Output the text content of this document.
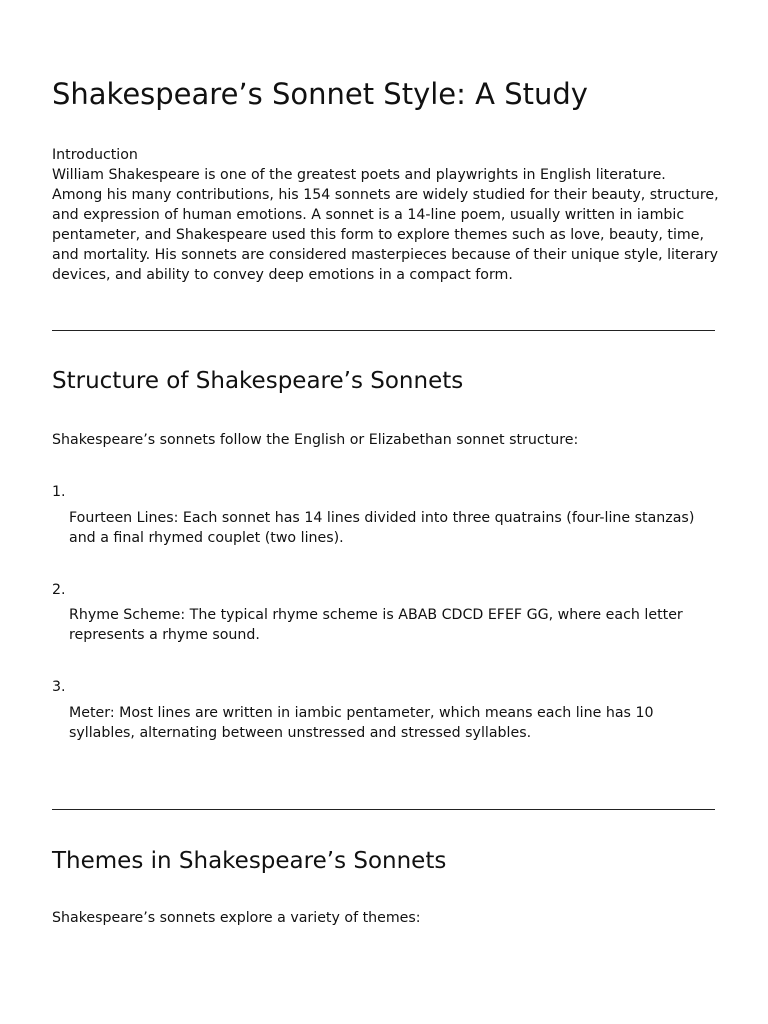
Shakespeare’s Sonnet Style: A Study

Introduction
William Shakespeare is one of the greatest poets and playwrights in English literature. Among his many contributions, his 154 sonnets are widely studied for their beauty, structure, and expression of human emotions. A sonnet is a 14-line poem, usually written in iambic pentameter, and Shakespeare used this form to explore themes such as love, beauty, time, and mortality. His sonnets are considered masterpieces because of their unique style, literary devices, and ability to convey deep emotions in a compact form.

Structure of Shakespeare’s Sonnets

Shakespeare’s sonnets follow the English or Elizabethan sonnet structure:

1.

Fourteen Lines: Each sonnet has 14 lines divided into three quatrains (four-line stanzas) and a final rhymed couplet (two lines).

2.

Rhyme Scheme: The typical rhyme scheme is ABAB CDCD EFEF GG, where each letter represents a rhyme sound.

3.

Meter: Most lines are written in iambic pentameter, which means each line has 10 syllables, alternating between unstressed and stressed syllables.

Themes in Shakespeare’s Sonnets

Shakespeare’s sonnets explore a variety of themes:
